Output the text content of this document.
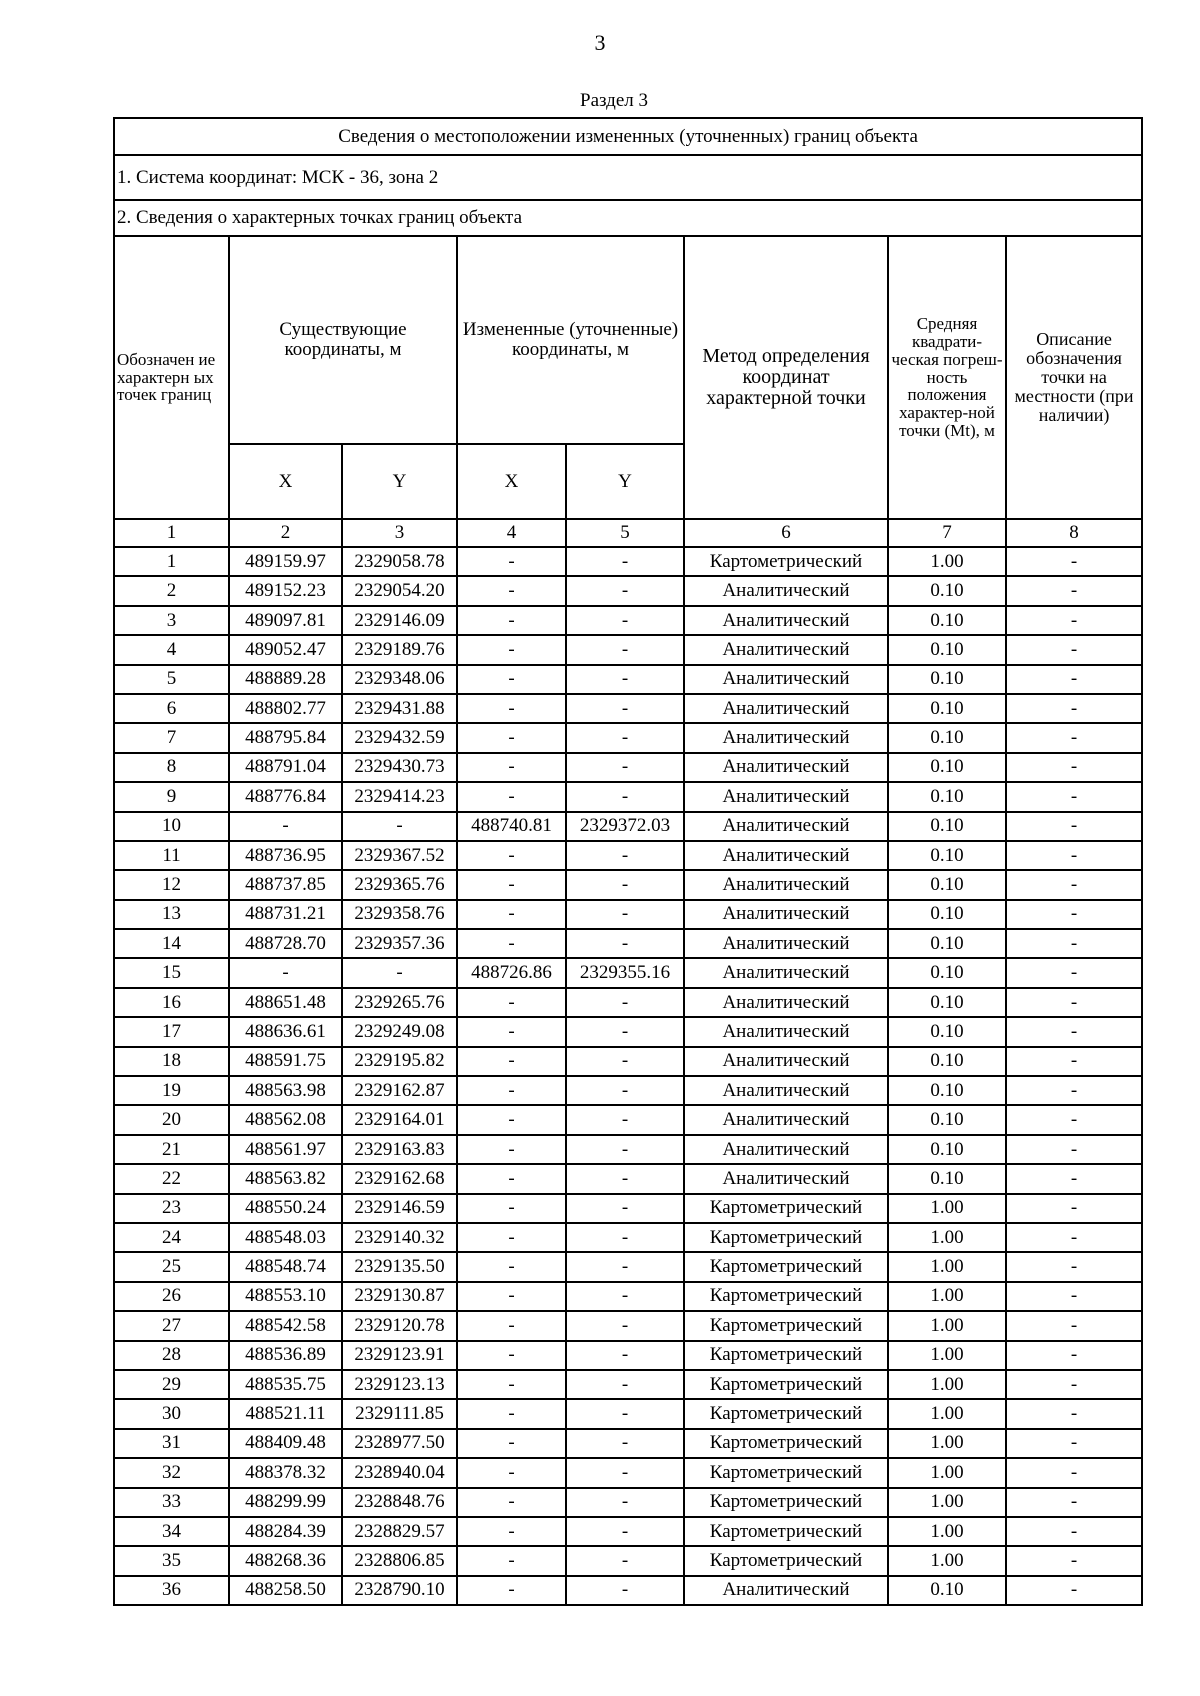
3
Раздел 3
Сведения о местоположении измененных (уточненных) границ объекта							
1. Система координат: МСК - 36, зона 2							
2. Сведения о характерных точках границ объекта							
Обозначен ие характерн ых точек границ	Существующие координаты, м		Измененные (уточненные) координаты, м		Метод определения координат характерной точки	Средняя квадрати-ческая погреш-ность положения характер-ной точки (Mt), м	Описание обозначения точки на местности (при наличии)
	X	Y	X	Y			
1	2	3	4	5	6	7	8
1	489159.97	2329058.78	-	-	Картометрический	1.00	-
2	489152.23	2329054.20	-	-	Аналитический	0.10	-
3	489097.81	2329146.09	-	-	Аналитический	0.10	-
4	489052.47	2329189.76	-	-	Аналитический	0.10	-
5	488889.28	2329348.06	-	-	Аналитический	0.10	-
6	488802.77	2329431.88	-	-	Аналитический	0.10	-
7	488795.84	2329432.59	-	-	Аналитический	0.10	-
8	488791.04	2329430.73	-	-	Аналитический	0.10	-
9	488776.84	2329414.23	-	-	Аналитический	0.10	-
10	-	-	488740.81	2329372.03	Аналитический	0.10	-
11	488736.95	2329367.52	-	-	Аналитический	0.10	-
12	488737.85	2329365.76	-	-	Аналитический	0.10	-
13	488731.21	2329358.76	-	-	Аналитический	0.10	-
14	488728.70	2329357.36	-	-	Аналитический	0.10	-
15	-	-	488726.86	2329355.16	Аналитический	0.10	-
16	488651.48	2329265.76	-	-	Аналитический	0.10	-
17	488636.61	2329249.08	-	-	Аналитический	0.10	-
18	488591.75	2329195.82	-	-	Аналитический	0.10	-
19	488563.98	2329162.87	-	-	Аналитический	0.10	-
20	488562.08	2329164.01	-	-	Аналитический	0.10	-
21	488561.97	2329163.83	-	-	Аналитический	0.10	-
22	488563.82	2329162.68	-	-	Аналитический	0.10	-
23	488550.24	2329146.59	-	-	Картометрический	1.00	-
24	488548.03	2329140.32	-	-	Картометрический	1.00	-
25	488548.74	2329135.50	-	-	Картометрический	1.00	-
26	488553.10	2329130.87	-	-	Картометрический	1.00	-
27	488542.58	2329120.78	-	-	Картометрический	1.00	-
28	488536.89	2329123.91	-	-	Картометрический	1.00	-
29	488535.75	2329123.13	-	-	Картометрический	1.00	-
30	488521.11	2329111.85	-	-	Картометрический	1.00	-
31	488409.48	2328977.50	-	-	Картометрический	1.00	-
32	488378.32	2328940.04	-	-	Картометрический	1.00	-
33	488299.99	2328848.76	-	-	Картометрический	1.00	-
34	488284.39	2328829.57	-	-	Картометрический	1.00	-
35	488268.36	2328806.85	-	-	Картометрический	1.00	-
36	488258.50	2328790.10	-	-	Аналитический	0.10	-
